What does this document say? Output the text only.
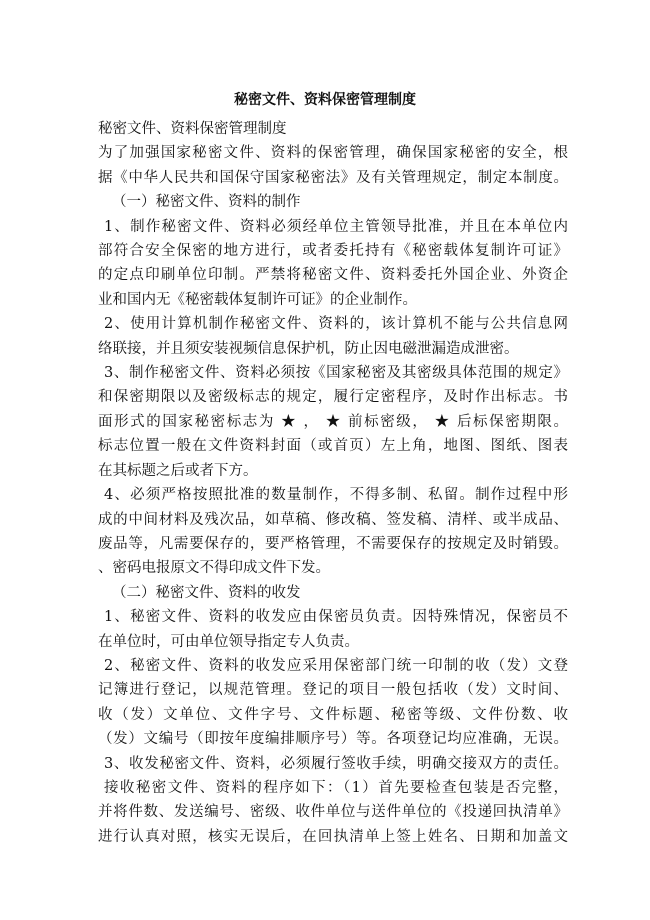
秘密文件、资料保密管理制度
秘密文件、资料保密管理制度
为了加强国家秘密文件、资料的保密管理，确保国家秘密的安全，根
据《中华人民共和国保守国家秘密法》及有关管理规定，制定本制度。
（一）秘密文件、资料的制作
1、制作秘密文件、资料必须经单位主管领导批准，并且在本单位内
部符合安全保密的地方进行，或者委托持有《秘密载体复制许可证》
的定点印刷单位印制。严禁将秘密文件、资料委托外国企业、外资企
业和国内无《秘密载体复制许可证》的企业制作。
2、使用计算机制作秘密文件、资料的，该计算机不能与公共信息网
络联接，并且须安装视频信息保护机，防止因电磁泄漏造成泄密。
3、制作秘密文件、资料必须按《国家秘密及其密级具体范围的规定》
和保密期限以及密级标志的规定，履行定密程序，及时作出标志。书
面形式的国家秘密标志为 ★ ， ★ 前标密级， ★ 后标保密期限。
标志位置一般在文件资料封面（或首页）左上角，地图、图纸、图表
在其标题之后或者下方。
4、必须严格按照批准的数量制作，不得多制、私留。制作过程中形
成的中间材料及残次品，如草稿、修改稿、签发稿、清样、或半成品、
废品等，凡需要保存的，要严格管理，不需要保存的按规定及时销毁。
、密码电报原文不得印成文件下发。
（二）秘密文件、资料的收发
1、秘密文件、资料的收发应由保密员负责。因特殊情况，保密员不
在单位时，可由单位领导指定专人负责。
2、秘密文件、资料的收发应采用保密部门统一印制的收（发）文登
记簿进行登记，以规范管理。登记的项目一般包括收（发）文时间、
收（发）文单位、文件字号、文件标题、秘密等级、文件份数、收
（发）文编号（即按年度编排顺序号）等。各项登记均应准确，无误。
3、收发秘密文件、资料，必须履行签收手续，明确交接双方的责任。
接收秘密文件、资料的程序如下：（1）首先要检查包装是否完整，
并将件数、发送编号、密级、收件单位与送件单位的《投递回执清单》
进行认真对照，核实无误后，在回执清单上签上姓名、日期和加盖文
